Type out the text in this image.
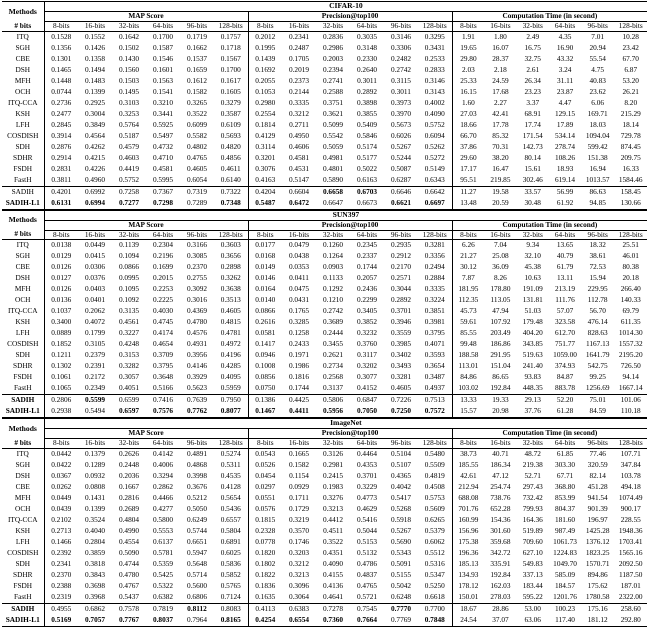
Methods	CIFAR-10																	
	MAP Score						Precision@top100						Computation Time (in second)					
# bits	8-bits	16-bits	32-bits	64-bits	96-bits	128-bits	8-bits	16-bits	32-bits	64-bits	96-bits	128-bits	8-bits	16-bits	32-bits	64-bits	96-bits	128-bits
ITQ	0.1528	0.1552	0.1642	0.1700	0.1719	0.1757	0.2012	0.2341	0.2836	0.3035	0.3146	0.3295	1.91	1.80	2.49	4.35	7.01	10.28
SGH	0.1356	0.1426	0.1502	0.1587	0.1662	0.1718	0.1995	0.2487	0.2986	0.3148	0.3306	0.3431	19.65	16.07	16.75	16.90	20.94	23.42
CBE	0.1301	0.1358	0.1430	0.1546	0.1537	0.1567	0.1439	0.1705	0.2003	0.2330	0.2482	0.2533	29.80	28.37	32.75	43.32	55.54	67.70
DSH	0.1465	0.1494	0.1560	0.1601	0.1659	0.1700	0.1692	0.2019	0.2394	0.2640	0.2742	0.2833	2.03	2.18	2.61	3.24	4.75	6.87
MFH	0.1448	0.1483	0.1503	0.1563	0.1612	0.1617	0.2055	0.2373	0.2741	0.3011	0.3115	0.3146	25.33	24.59	26.34	31.11	40.83	53.20
OCH	0.0744	0.1399	0.1495	0.1541	0.1582	0.1605	0.1053	0.2144	0.2588	0.2892	0.3011	0.3143	16.15	17.68	23.23	23.87	23.62	26.21
ITQ-CCA	0.2736	0.2925	0.3103	0.3210	0.3265	0.3279	0.2980	0.3335	0.3751	0.3898	0.3973	0.4002	1.60	2.27	3.37	4.47	6.06	8.20
KSH	0.2477	0.3004	0.3253	0.3441	0.3522	0.3587	0.2554	0.3212	0.3621	0.3855	0.3970	0.4090	27.03	42.41	68.91	129.15	169.71	215.29
LFH	0.2845	0.3849	0.5764	0.5925	0.6099	0.6109	0.1814	0.2711	0.5099	0.5409	0.5673	0.5752	18.66	17.78	17.74	17.89	18.03	18.14
COSDISH	0.3914	0.4564	0.5187	0.5497	0.5582	0.5693	0.4129	0.4950	0.5542	0.5846	0.6026	0.6094	66.70	85.32	171.54	534.14	1094.04	729.78
SDH	0.2876	0.4262	0.4579	0.4732	0.4802	0.4820	0.3114	0.4606	0.5059	0.5174	0.5267	0.5262	37.86	70.31	142.73	278.74	599.42	874.45
SDHR	0.2914	0.4215	0.4603	0.4710	0.4765	0.4856	0.3201	0.4581	0.4981	0.5177	0.5244	0.5272	29.60	38.20	80.14	108.26	151.38	209.75
FSDH	0.2831	0.4226	0.4419	0.4581	0.4605	0.4611	0.3076	0.4531	0.4801	0.5022	0.5087	0.5149	17.17	16.47	15.61	18.93	16.94	16.33
FastH	0.3811	0.4960	0.5752	0.5995	0.6054	0.6140	0.4163	0.5147	0.5890	0.6163	0.6287	0.6343	95.51	219.85	302.46	619.14	1013.57	1584.46
SADIH	0.4201	0.6992	0.7258	0.7367	0.7319	0.7322	0.4204	0.6604	0.6658	0.6703	0.6646	0.6642	11.27	19.58	33.57	56.99	86.63	158.45
SADIH-L1	0.6131	0.6994	0.7277	0.7298	0.7289	0.7348	0.5487	0.6472	0.6647	0.6673	0.6621	0.6697	13.48	20.59	30.48	61.92	94.85	130.66
Methods	SUN397																	
	MAP Score						Precision@top100						Computation Time (in second)					
# bits	8-bits	16-bits	32-bits	64-bits	96-bits	128-bits	8-bits	16-bits	32-bits	64-bits	96-bits	128-bits	8-bits	16-bits	32-bits	64-bits	96-bits	128-bits
ITQ	0.0138	0.0449	0.1139	0.2304	0.3166	0.3603	0.0177	0.0479	0.1260	0.2345	0.2935	0.3281	6.26	7.04	9.34	13.65	18.32	25.51
SGH	0.0129	0.0415	0.1094	0.2196	0.3085	0.3656	0.0168	0.0438	0.1264	0.2337	0.2912	0.3356	21.27	25.08	32.10	40.79	38.61	46.01
CBE	0.0126	0.0306	0.0866	0.1699	0.2370	0.2898	0.0149	0.0353	0.0903	0.1744	0.2170	0.2494	30.12	36.09	45.38	61.79	72.53	80.38
DSH	0.0127	0.0376	0.0995	0.2015	0.2755	0.3262	0.0146	0.0411	0.1133	0.2057	0.2571	0.2884	7.87	8.26	10.63	13.11	15.94	20.18
MFH	0.0126	0.0403	0.1095	0.2253	0.3092	0.3638	0.0164	0.0475	0.1292	0.2436	0.3044	0.3335	181.95	178.80	191.09	213.19	229.95	266.40
OCH	0.0136	0.0401	0.1092	0.2225	0.3016	0.3513	0.0140	0.0431	0.1210	0.2299	0.2892	0.3224	112.35	113.05	131.81	111.76	112.78	140.33
ITQ-CCA	0.1037	0.2062	0.3135	0.4030	0.4369	0.4605	0.0866	0.1765	0.2742	0.3405	0.3701	0.3851	45.73	47.94	51.03	57.07	56.70	69.79
KSH	0.3400	0.4072	0.4561	0.4745	0.4780	0.4815	0.2616	0.3285	0.3689	0.3852	0.3946	0.3981	59.61	107.92	179.48	323.58	476.14	611.35
LFH	0.0889	0.1799	0.3227	0.4174	0.4576	0.4781	0.0581	0.1258	0.2444	0.3232	0.3559	0.3795	85.55	203.49	404.20	612.70	828.63	1014.30
COSDISH	0.1852	0.3105	0.4248	0.4654	0.4931	0.4972	0.1417	0.2433	0.3455	0.3760	0.3985	0.4071	99.48	186.86	343.85	751.77	1167.13	1557.32
SDH	0.1211	0.2379	0.3153	0.3709	0.3956	0.4196	0.0946	0.1971	0.2621	0.3117	0.3402	0.3593	188.58	291.95	519.63	1059.00	1641.79	2195.20
SDHR	0.1302	0.2391	0.3282	0.3795	0.4146	0.4285	0.1008	0.1986	0.2734	0.3202	0.3493	0.3654	113.01	151.04	241.40	374.93	542.75	726.50
FSDH	0.1061	0.2172	0.3057	0.3648	0.3929	0.4095	0.0856	0.1816	0.2568	0.3077	0.3281	0.3487	84.86	86.65	93.83	84.87	99.25	94.14
FastH	0.1065	0.2349	0.4051	0.5166	0.5623	0.5959	0.0750	0.1744	0.3137	0.4152	0.4605	0.4937	103.02	192.84	448.35	883.78	1256.69	1667.14
SADIH	0.2806	0.5599	0.6599	0.7416	0.7639	0.7950	0.1386	0.4425	0.5806	0.6847	0.7226	0.7513	13.33	19.33	29.13	52.20	75.01	101.06
SADIH-L1	0.2938	0.5494	0.6597	0.7576	0.7762	0.8077	0.1467	0.4411	0.5956	0.7050	0.7250	0.7572	15.57	20.98	37.76	61.28	84.59	110.18
Methods	ImageNet																	
	MAP Score						Precision@top100						Computation Time (in second)					
# bits	8-bits	16-bits	32-bits	64-bits	96-bits	128-bits	8-bits	16-bits	32-bits	64-bits	96-bits	128-bits	8-bits	16-bits	32-bits	64-bits	96-bits	128-bits
ITQ	0.0442	0.1379	0.2626	0.4142	0.4891	0.5274	0.0543	0.1665	0.3126	0.4464	0.5104	0.5480	38.73	40.71	48.72	61.85	77.46	107.71
SGH	0.0422	0.1289	0.2448	0.4006	0.4868	0.5311	0.0526	0.1582	0.2981	0.4353	0.5107	0.5509	185.55	186.34	219.38	303.30	320.59	347.84
DSH	0.0367	0.0932	0.2036	0.3294	0.3998	0.4535	0.0454	0.1154	0.2415	0.3701	0.4365	0.4819	42.61	47.12	52.71	67.71	82.14	103.78
CBE	0.0262	0.0808	0.1667	0.2862	0.3676	0.4128	0.0297	0.0929	0.1983	0.3229	0.4042	0.4508	212.94	254.74	297.43	368.80	451.28	494.18
MFH	0.0449	0.1431	0.2816	0.4466	0.5212	0.5654	0.0551	0.1711	0.3276	0.4773	0.5417	0.5753	688.08	738.76	732.42	853.99	941.54	1074.49
OCH	0.0439	0.1399	0.2689	0.4277	0.5050	0.5436	0.0576	0.1729	0.3213	0.4629	0.5268	0.5609	701.76	652.28	799.93	804.37	901.39	900.17
ITQ-CCA	0.2102	0.3524	0.4804	0.5800	0.6249	0.6557	0.1815	0.3219	0.4412	0.5416	0.5918	0.6265	160.99	154.36	164.36	181.60	196.97	228.55
KSH	0.2713	0.4040	0.4990	0.5553	0.5744	0.5804	0.2328	0.3570	0.4511	0.5044	0.5267	0.5379	156.96	301.60	519.89	987.49	1425.28	1948.36
LFH	0.1466	0.2804	0.4554	0.6137	0.6651	0.6891	0.0778	0.1746	0.3522	0.5153	0.5690	0.6062	175.38	359.68	709.60	1061.73	1376.12	1703.41
COSDISH	0.2392	0.3859	0.5090	0.5781	0.5947	0.6025	0.1820	0.3203	0.4351	0.5132	0.5343	0.5512	196.36	342.72	627.10	1224.83	1823.25	1565.16
SDH	0.2341	0.3818	0.4744	0.5359	0.5648	0.5836	0.1802	0.3212	0.4090	0.4786	0.5091	0.5316	185.13	335.91	549.83	1049.70	1570.71	2092.50
SDHR	0.2370	0.3843	0.4780	0.5425	0.5714	0.5852	0.1822	0.3213	0.4155	0.4837	0.5155	0.5347	134.93	192.84	337.13	585.09	894.86	1187.50
FSDH	0.2388	0.3698	0.4767	0.5322	0.5600	0.5765	0.1836	0.3096	0.4136	0.4765	0.5042	0.5250	178.12	162.03	183.44	184.57	175.62	187.01
FastH	0.2319	0.3968	0.5437	0.6382	0.6806	0.7124	0.1635	0.3064	0.4641	0.5721	0.6248	0.6618	150.01	278.03	595.22	1201.76	1780.58	2322.00
SADIH	0.4955	0.6862	0.7578	0.7819	0.8112	0.8083	0.4113	0.6383	0.7278	0.7545	0.7770	0.7700	18.67	28.86	53.00	100.23	175.16	258.60
SADIH-L1	0.5169	0.7057	0.7767	0.8037	0.7964	0.8165	0.4254	0.6554	0.7360	0.7664	0.7769	0.7848	24.54	37.07	63.06	117.40	181.12	292.80
